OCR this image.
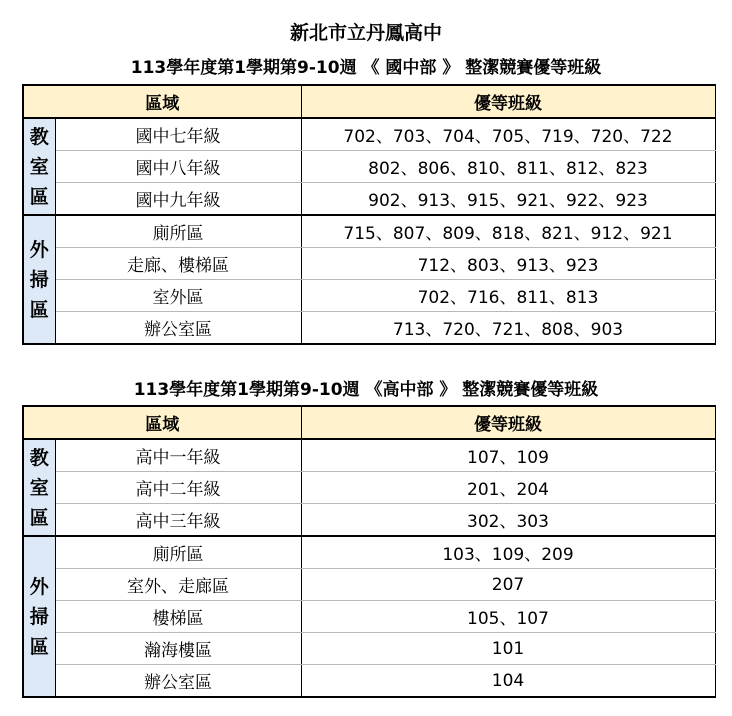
新北市立丹鳳高中
113學年度第1學期第9-10週 《 國中部 》 整潔競賽優等班級
區域		優等班級

教
室
區	國中七年級	702、703、704、705、719、720、722
	國中八年級	802、806、810、811、812、823
	國中九年級	902、913、915、921、922、923

外
掃
區	廁所區	715、807、809、818、821、912、921
	走廊、樓梯區	712、803、913、923
	室外區	702、716、811、813
	辦公室區	713、720、721、808、903
113學年度第1學期第9-10週 《高中部 》 整潔競賽優等班級
區域		優等班級

教
室
區	高中一年級	107、109
	高中二年級	201、204
	高中三年級	302、303

外
掃
區	廁所區	103、109、209
	室外、走廊區	207
	樓梯區	105、107
	瀚海樓區	101
	辦公室區	104
